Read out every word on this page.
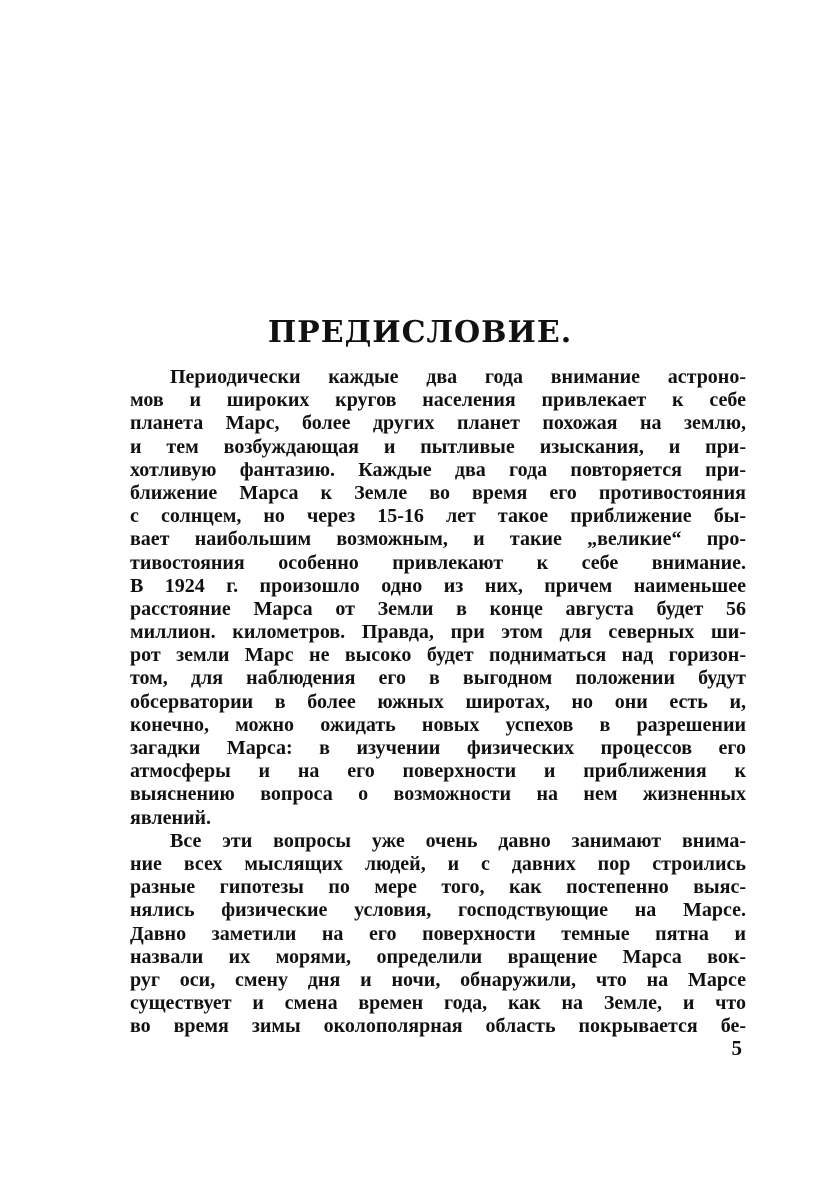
ПРЕДИСЛОВИЕ.
Периодически каждые два года внимание астроно-
мов и широких кругов населения привлекает к себе
планета Марс, более других планет похожая на землю,
и тем возбуждающая и пытливые изыскания, и при-
хотливую фантазию. Каждые два года повторяется при-
ближение Марса к Земле во время его противостояния
с солнцем, но через 15-16 лет такое приближение бы-
вает наибольшим возможным, и такие „великие“ про-
тивостояния особенно привлекают к себе внимание.
В 1924 г. произошло одно из них, причем наименьшее
расстояние Марса от Земли в конце августа будет 56
миллион. километров. Правда, при этом для северных ши-
рот земли Марс не высоко будет подниматься над горизон-
том, для наблюдения его в выгодном положении будут
обсерватории в более южных широтах, но они есть и,
конечно, можно ожидать новых успехов в разрешении
загадки Марса: в изучении физических процессов его
атмосферы и на его поверхности и приближения к
выяснению вопроса о возможности на нем жизненных
явлений.
Все эти вопросы уже очень давно занимают внима-
ние всех мыслящих людей, и с давних пор строились
разные гипотезы по мере того, как постепенно выяс-
нялись физические условия, господствующие на Марсе.
Давно заметили на его поверхности темные пятна и
назвали их морями, определили вращение Марса вок-
руг оси, смену дня и ночи, обнаружили, что на Марсе
существует и смена времен года, как на Земле, и что
во время зимы околополярная область покрывается бе-
5
